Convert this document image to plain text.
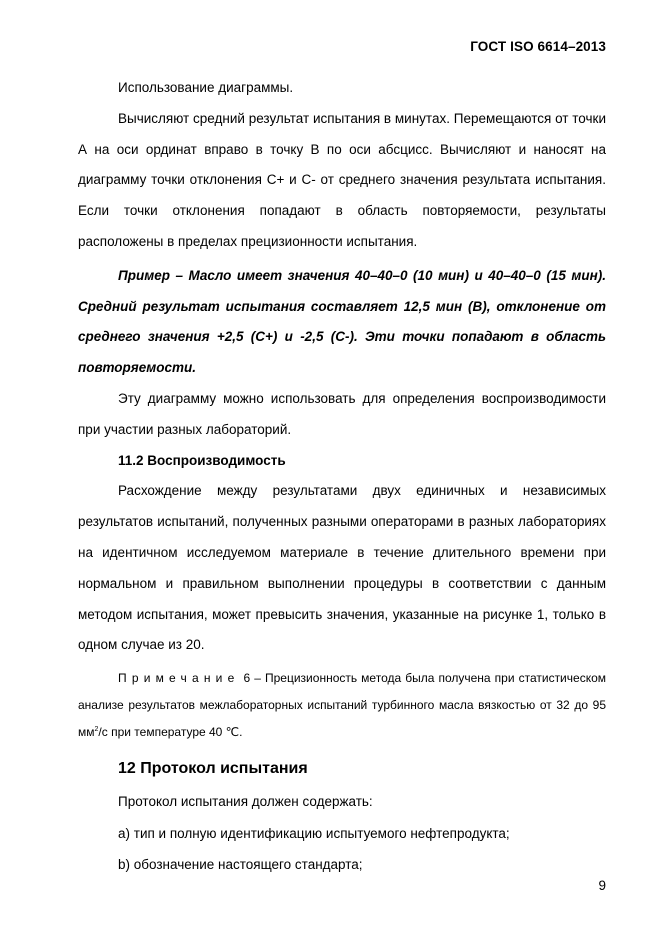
ГОСТ ISO 6614–2013

Использование диаграммы.

Вычисляют средний результат испытания в минутах. Перемещаются от точки А на оси ординат вправо в точку В по оси абсцисс. Вычисляют и наносят на диаграмму точки отклонения С+ и С- от среднего значения результата испытания. Если точки отклонения попадают в область повторяемости, результаты расположены в пределах прецизионности испытания.

Пример – Масло имеет значения 40–40–0 (10 мин) и 40–40–0 (15 мин). Средний результат испытания составляет 12,5 мин (В), отклонение от среднего значения +2,5 (С+) и -2,5 (С-). Эти точки попадают в область повторяемости.

Эту диаграмму можно использовать для определения воспроизводимости при участии разных лабораторий.

11.2 Воспроизводимость

Расхождение между результатами двух единичных и независимых результатов испытаний, полученных разными операторами в разных лабораториях на идентичном исследуемом материале в течение длительного времени при нормальном и правильном выполнении процедуры в соответствии с данным методом испытания, может превысить значения, указанные на рисунке 1, только в одном случае из 20.

Примечание 6 – Прецизионность метода была получена при статистическом анализе результатов межлабораторных испытаний турбинного масла вязкостью от 32 до 95 $мм^2/с$ при температуре 40 ℃.

12 Протокол испытания

Протокол испытания должен содержать:

a) тип и полную идентификацию испытуемого нефтепродукта;

b) обозначение настоящего стандарта;

9
